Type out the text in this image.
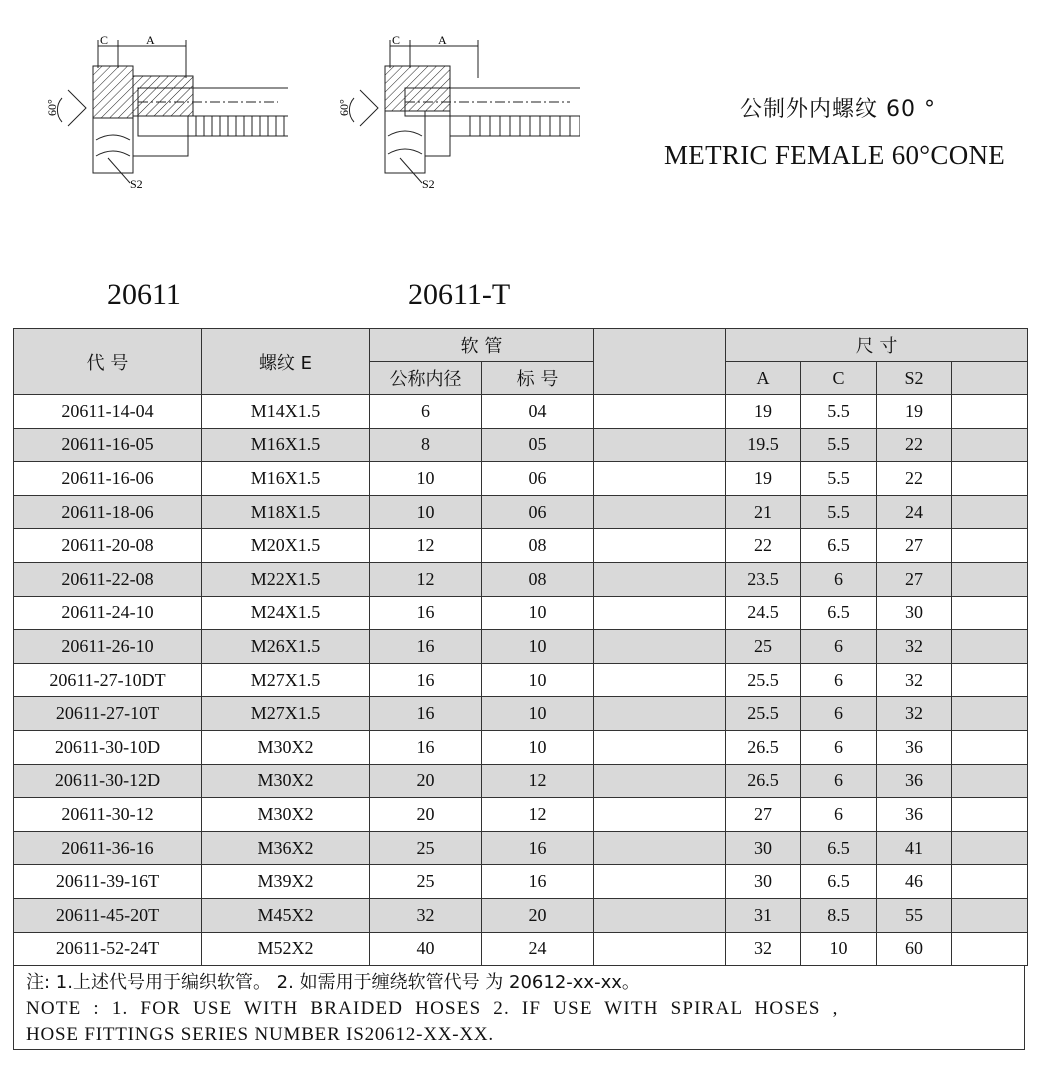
C	A
60°
S2
C	A
60°
S2
公制外内螺纹 60 °
METRIC FEMALE 60°CONE
20611	20611-T
代 号	螺纹 E	软 管			尺 寸			
		公称内径	标 号		A	C	S2	
20611-14-04	M14X1.5	6	04		19	5.5	19	
20611-16-05	M16X1.5	8	05		19.5	5.5	22	
20611-16-06	M16X1.5	10	06		19	5.5	22	
20611-18-06	M18X1.5	10	06		21	5.5	24	
20611-20-08	M20X1.5	12	08		22	6.5	27	
20611-22-08	M22X1.5	12	08		23.5	6	27	
20611-24-10	M24X1.5	16	10		24.5	6.5	30	
20611-26-10	M26X1.5	16	10		25	6	32	
20611-27-10DT	M27X1.5	16	10		25.5	6	32	
20611-27-10T	M27X1.5	16	10		25.5	6	32	
20611-30-10D	M30X2	16	10		26.5	6	36	
20611-30-12D	M30X2	20	12		26.5	6	36	
20611-30-12	M30X2	20	12		27	6	36	
20611-36-16	M36X2	25	16		30	6.5	41	
20611-39-16T	M39X2	25	16		30	6.5	46	
20611-45-20T	M45X2	32	20		31	8.5	55	
20611-52-24T	M52X2	40	24		32	10	60	
注: 1.上述代号用于编织软管。 2. 如需用于缠绕软管代号 为 20612-xx-xx。
NOTE : 1. FOR USE WITH BRAIDED HOSES 2. IF USE WITH SPIRAL HOSES ,
HOSE FITTINGS SERIES NUMBER IS20612-XX-XX.
